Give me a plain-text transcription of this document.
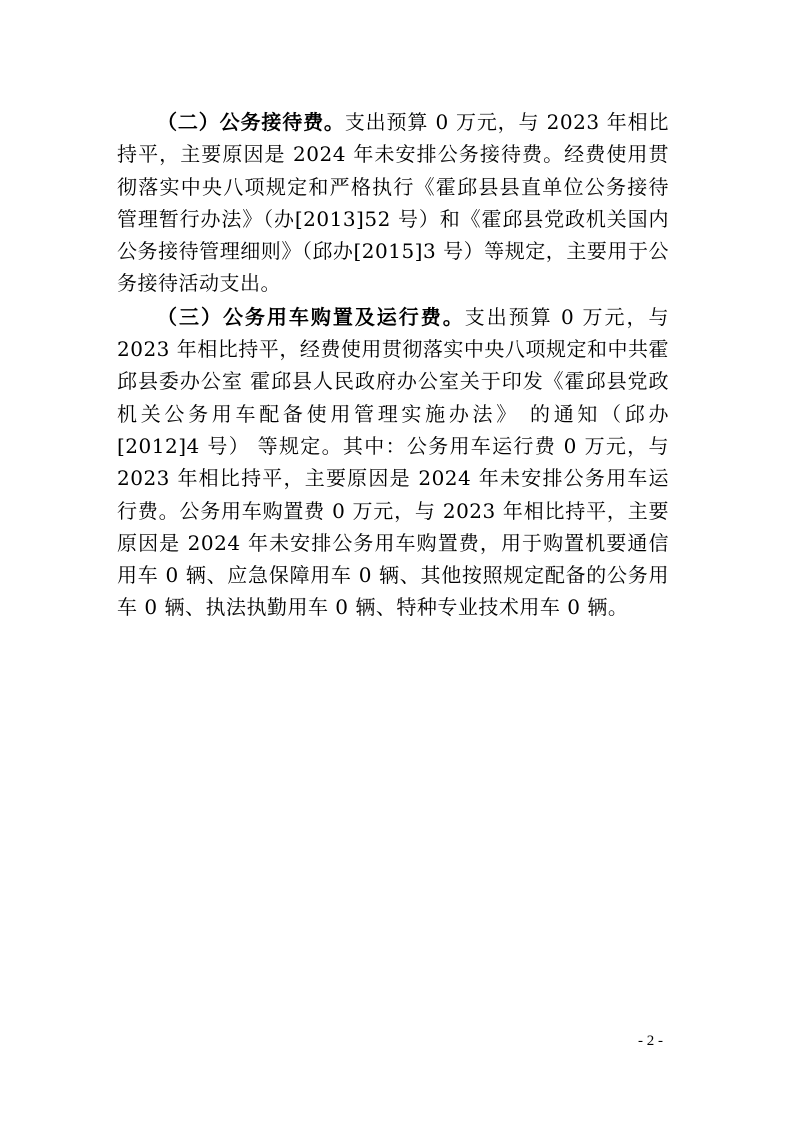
（二）公务接待费。支出预算 0 万元，与 2023 年相比持平，主要原因是 2024 年未安排公务接待费。经费使用贯彻落实中央八项规定和严格执行《霍邱县县直单位公务接待管理暂行办法》（办[2013]52 号）和《霍邱县党政机关国内公务接待管理细则》（邱办[2015]3 号）等规定，主要用于公务接待活动支出。

（三）公务用车购置及运行费。支出预算 0 万元，与 2023 年相比持平，经费使用贯彻落实中央八项规定和中共霍邱县委办公室 霍邱县人民政府办公室关于印发《霍邱县党政机关公务用车配备使用管理实施办法》 的通知（邱办[2012]4 号） 等规定。其中：公务用车运行费 0 万元，与 2023 年相比持平，主要原因是 2024 年未安排公务用车运行费。公务用车购置费 0 万元，与 2023 年相比持平，主要原因是 2024 年未安排公务用车购置费，用于购置机要通信用车 0 辆、应急保障用车 0 辆、其他按照规定配备的公务用车 0 辆、执法执勤用车 0 辆、特种专业技术用车 0 辆。

- 2 -
